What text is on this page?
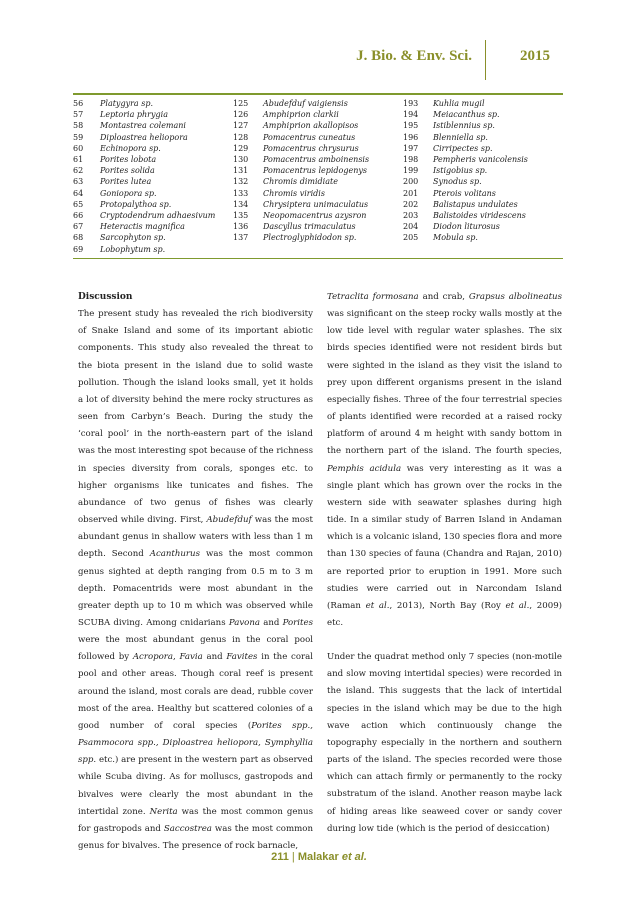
J. Bio. & Env. Sci.	2015
56	Platygyra sp.	125	Abudefduf vaigiensis	193	Kuhlia mugil
57	Leptoria phrygia	126	Amphiprion clarkii	194	Meiacanthus sp.
58	Montastrea colemani	127	Amphiprion akallopisos	195	Istiblennius sp.
59	Diploastrea heliopora	128	Pomacentrus cuneatus	196	Blenniella sp.
60	Echinopora sp.	129	Pomacentrus chrysurus	197	Cirripectes sp.
61	Porites lobota	130	Pomacentrus amboinensis	198	Pempheris vanicolensis
62	Porites solida	131	Pomacentrus lepidogenys	199	Istigobius sp.
63	Porites lutea	132	Chromis dimidiate	200	Synodus sp.
64	Goniopora sp.	133	Chromis viridis	201	Pterois volitans
65	Protopalythoa sp.	134	Chrysiptera unimaculatus	202	Balistapus undulates
66	Cryptodendrum adhaesivum	135	Neopomacentrus azysron	203	Balistoides viridescens
67	Heteractis magnifica	136	Dascyllus trimaculatus	204	Diodon liturosus
68	Sarcophyton sp.	137	Plectroglyphidodon sp.	205	Mobula sp.
69	Lobophytum sp.				

Discussion

The present study has revealed the rich biodiversity of Snake Island and some of its important abiotic components. This study also revealed the threat to the biota present in the island due to solid waste pollution. Though the island looks small, yet it holds a lot of diversity behind the mere rocky structures as seen from Carbyn’s Beach. During the study the ‘coral pool’ in the north-eastern part of the island was the most interesting spot because of the richness in species diversity from corals, sponges etc. to higher organisms like tunicates and fishes. The abundance of two genus of fishes was clearly observed while diving. First, Abudefduf was the most abundant genus in shallow waters with less than 1 m depth. Second Acanthurus was the most common genus sighted at depth ranging from 0.5 m to 3 m depth. Pomacentrids were most abundant in the greater depth up to 10 m which was observed while SCUBA diving. Among cnidarians Pavona and Porites were the most abundant genus in the coral pool followed by Acropora, Favia and Favites in the coral pool and other areas. Though coral reef is present around the island, most corals are dead, rubble cover most of the area. Healthy but scattered colonies of a good number of coral species (Porites spp., Psammocora spp., Diploastrea heliopora, Symphyllia spp. etc.) are present in the western part as observed while Scuba diving. As for molluscs, gastropods and bivalves were clearly the most abundant in the intertidal zone. Nerita was the most common genus for gastropods and Saccostrea was the most common genus for bivalves. The presence of rock barnacle,

Tetraclita formosana and crab, Grapsus albolineatus was significant on the steep rocky walls mostly at the low tide level with regular water splashes. The six birds species identified were not resident birds but were sighted in the island as they visit the island to prey upon different organisms present in the island especially fishes. Three of the four terrestrial species of plants identified were recorded at a raised rocky platform of around 4 m height with sandy bottom in the northern part of the island. The fourth species, Pemphis acidula was very interesting as it was a single plant which has grown over the rocks in the western side with seawater splashes during high tide. In a similar study of Barren Island in Andaman which is a volcanic island, 130 species flora and more than 130 species of fauna (Chandra and Rajan, 2010) are reported prior to eruption in 1991. More such studies were carried out in Narcondam Island (Raman et al., 2013), North Bay (Roy et al., 2009) etc.

Under the quadrat method only 7 species (non-motile and slow moving intertidal species) were recorded in the island. This suggests that the lack of intertidal species in the island which may be due to the high wave action which continuously change the topography especially in the northern and southern parts of the island. The species recorded were those which can attach firmly or permanently to the rocky substratum of the island. Another reason maybe lack of hiding areas like seaweed cover or sandy cover during low tide (which is the period of desiccation)

211 | Malakar et al.
